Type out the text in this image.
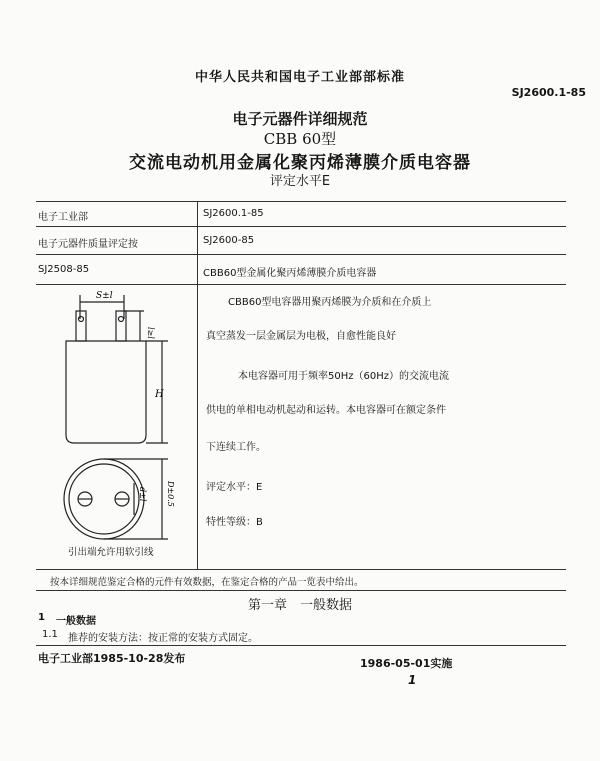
中华人民共和国电子工业部部标准
SJ2600.1-85
电子元器件详细规范
CBB 60型
交流电动机用金属化聚丙烯薄膜介质电容器
评定水平E
电子工业部	SJ2600.1-85
电子元器件质量评定按	SJ2600-85
SJ2508-85	CBB60型金属化聚丙烯薄膜介质电容器
S±l
l≥l
H
D±0.5
d±l
引出端允许用软引线
CBB60型电容器用聚丙烯膜为介质和在介质上
真空蒸发一层金属层为电极，自愈性能良好
本电容器可用于频率50Hz（60Hz）的交流电流
供电的单相电动机起动和运转。本电容器可在额定条件
下连续工作。
评定水平：E
特性等级：B
按本详细规范鉴定合格的元件有效数据，在鉴定合格的产品一览表中给出。
第一章　一般数据
1 一般数据
1.1 推荐的安装方法：按正常的安装方式固定。
电子工业部1985-10-28发布	1986-05-01实施
1
